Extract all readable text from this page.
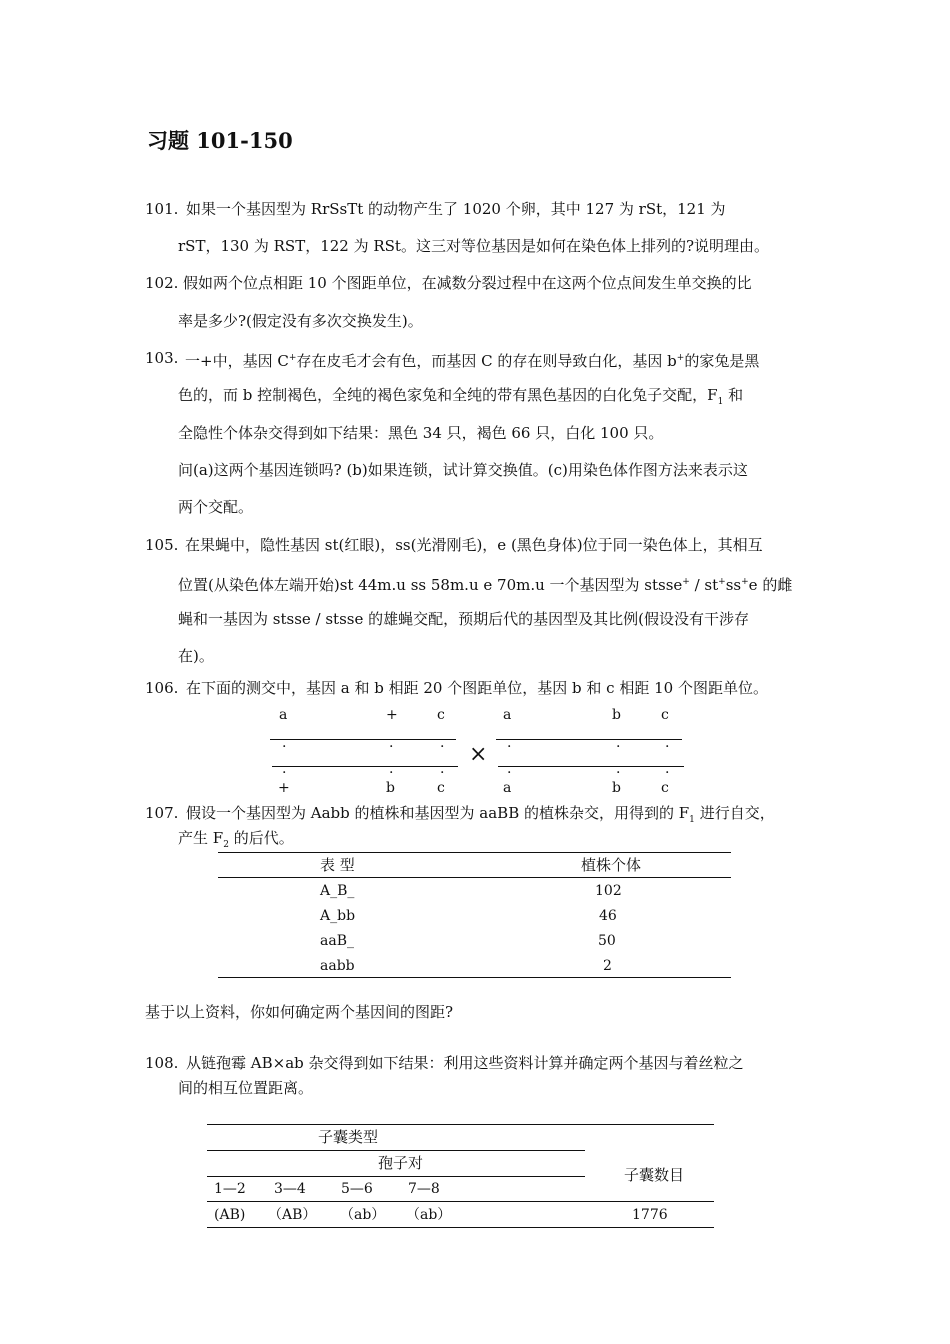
习题 101-150
101. 如果一个基因型为 RrSsTt 的动物产生了 1020 个卵，其中 127 为 rSt，121 为
rST，130 为 RST，122 为 RSt。这三对等位基因是如何在染色体上排列的?说明理由。
102. 假如两个位点相距 10 个图距单位，在减数分裂过程中在这两个位点间发生单交换的比
率是多少?(假定没有多次交换发生)。
103. 一+中，基因 C+存在皮毛才会有色，而基因 C 的存在则导致白化，基因 b+的家兔是黑
色的，而 b 控制褐色，全纯的褐色家兔和全纯的带有黑色基因的白化兔子交配，$F_1$ 和
全隐性个体杂交得到如下结果：黑色 34 只，褐色 66 只，白化 100 只。
问(a)这两个基因连锁吗? (b)如果连锁，试计算交换值。(c)用染色体作图方法来表示这
两个交配。
105. 在果蝇中，隐性基因 st(红眼)，ss(光滑刚毛)，e (黑色身体)位于同一染色体上，其相互
位置(从染色体左端开始)st 44m.u ss 58m.u e 70m.u 一个基因型为 stsse+ / st+ss+e 的雌
蝇和一基因为 stsse / stsse 的雄蝇交配，预期后代的基因型及其比例(假设没有干涉存
在)。
106. 在下面的测交中，基因 a 和 b 相距 20 个图距单位，基因 b 和 c 相距 10 个图距单位。
a	+	c
.	.	.
.	.	.
+	b	c
×
a	b	c
.	.	.
.	.	.
a	b	c
107. 假设一个基因型为 Aabb 的植株和基因型为 aaBB 的植株杂交，用得到的 $F_1$ 进行自交，
产生 $F_2$ 的后代。
表 型	植株个体
A_B_	102
A_bb	46
aaB_	50
aabb	2
基于以上资料，你如何确定两个基因间的图距?
108. 从链孢霉 AB×ab 杂交得到如下结果：利用这些资料计算并确定两个基因与着丝粒之
间的相互位置距离。
子囊类型
孢子对
子囊数目
1—2 3—4	5—6	7—8
(AB) （AB） （ab） （ab）	1776
